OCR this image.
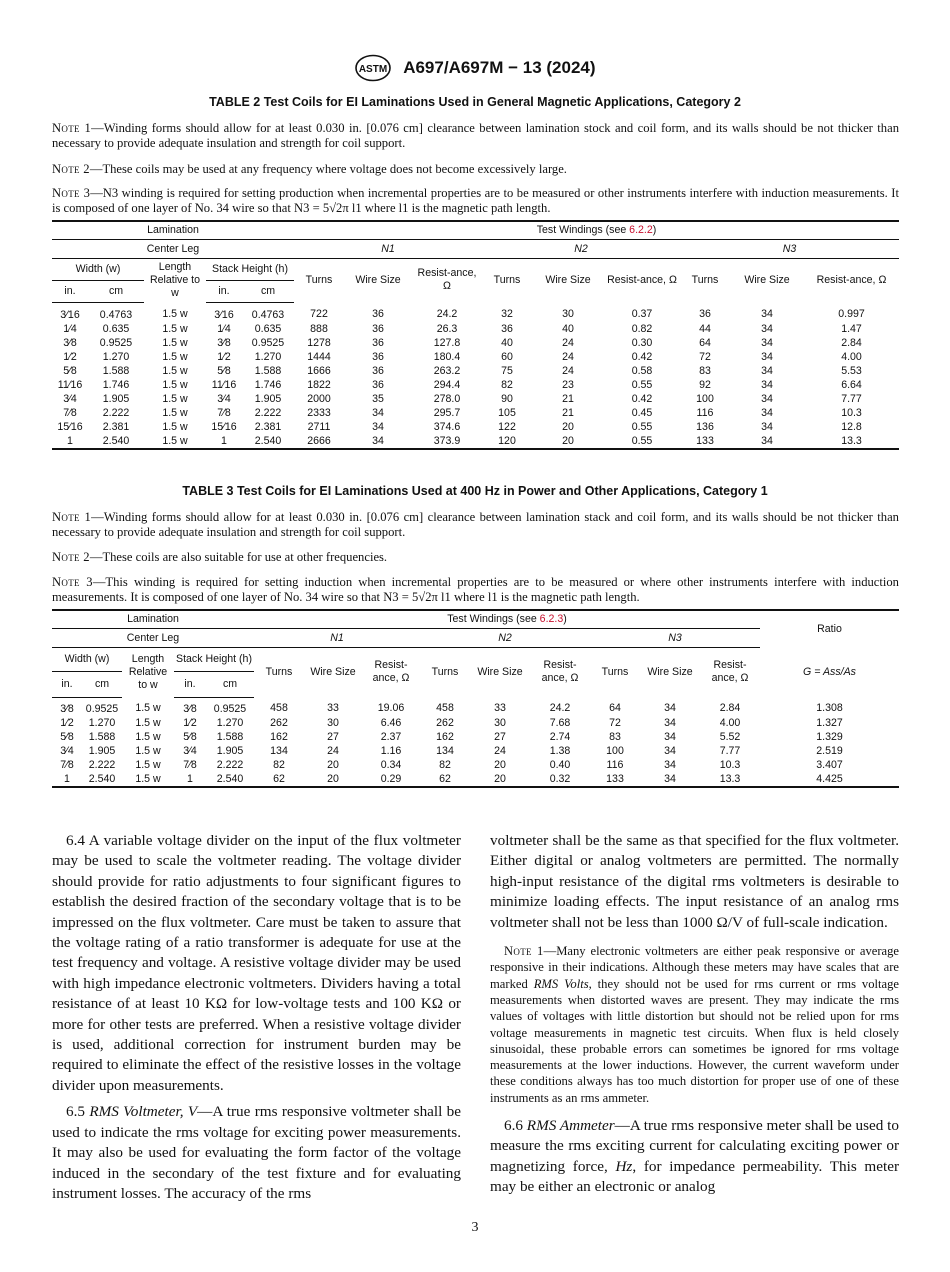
ASTM A697/A697M − 13 (2024)
TABLE 2 Test Coils for EI Laminations Used in General Magnetic Applications, Category 2
Note 1—Winding forms should allow for at least 0.030 in. [0.076 cm] clearance between lamination stock and coil form, and its walls should be not thicker than necessary to provide adequate insulation and strength for coil support.
Note 2—These coils may be used at any frequency where voltage does not become excessively large.
Note 3—N3 winding is required for setting production when incremental properties are to be measured or other instruments interfere with induction measurements. It is composed of one layer of No. 34 wire so that N3 = 5√2π l1 where l1 is the magnetic path length.
Lamination					Test Windings (see 6.2.2)								
Center Leg					N1			N2			N3		
Width (w)		Length Relative to w	Stack Height (h)		Turns	Wire Size	Resist-ance, Ω	Turns	Wire Size	Resist-ance, Ω	Turns	Wire Size	Resist-ance, Ω
in.	cm		in.	cm									
3⁄16	0.4763	1.5 w	3⁄16	0.4763	722	36	24.2	32	30	0.37	36	34	0.997
1⁄4	0.635	1.5 w	1⁄4	0.635	888	36	26.3	36	40	0.82	44	34	1.47
3⁄8	0.9525	1.5 w	3⁄8	0.9525	1278	36	127.8	40	24	0.30	64	34	2.84
1⁄2	1.270	1.5 w	1⁄2	1.270	1444	36	180.4	60	24	0.42	72	34	4.00
5⁄8	1.588	1.5 w	5⁄8	1.588	1666	36	263.2	75	24	0.58	83	34	5.53
11⁄16	1.746	1.5 w	11⁄16	1.746	1822	36	294.4	82	23	0.55	92	34	6.64
3⁄4	1.905	1.5 w	3⁄4	1.905	2000	35	278.0	90	21	0.42	100	34	7.77
7⁄8	2.222	1.5 w	7⁄8	2.222	2333	34	295.7	105	21	0.45	116	34	10.3
15⁄16	2.381	1.5 w	15⁄16	2.381	2711	34	374.6	122	20	0.55	136	34	12.8
1	2.540	1.5 w	1	2.540	2666	34	373.9	120	20	0.55	133	34	13.3
TABLE 3 Test Coils for EI Laminations Used at 400 Hz in Power and Other Applications, Category 1
Note 1—Winding forms should allow for at least 0.030 in. [0.076 cm] clearance between lamination stack and coil form, and its walls should be not thicker than necessary to provide adequate insulation and strength for coil support.
Note 2—These coils are also suitable for use at other frequencies.
Note 3—This winding is required for setting induction when incremental properties are to be measured or where other instruments interfere with induction measurements. It is composed of one layer of No. 34 wire so that N3 = 5√2π l1 where l1 is the magnetic path length.
Lamination					Test Windings (see 6.2.3)									Ratio
Center Leg					N1			N2			N3			
Width (w)		Length Relative to w	Stack Height (h)		Turns	Wire Size	Resist-ance, Ω	Turns	Wire Size	Resist-ance, Ω	Turns	Wire Size	Resist-ance, Ω	G = Ass/As
in.	cm		in.	cm										
3⁄8	0.9525	1.5 w	3⁄8	0.9525	458	33	19.06	458	33	24.2	64	34	2.84	1.308
1⁄2	1.270	1.5 w	1⁄2	1.270	262	30	6.46	262	30	7.68	72	34	4.00	1.327
5⁄8	1.588	1.5 w	5⁄8	1.588	162	27	2.37	162	27	2.74	83	34	5.52	1.329
3⁄4	1.905	1.5 w	3⁄4	1.905	134	24	1.16	134	24	1.38	100	34	7.77	2.519
7⁄8	2.222	1.5 w	7⁄8	2.222	82	20	0.34	82	20	0.40	116	34	10.3	3.407
1	2.540	1.5 w	1	2.540	62	20	0.29	62	20	0.32	133	34	13.3	4.425

6.4 A variable voltage divider on the input of the flux voltmeter may be used to scale the voltmeter reading. The voltage divider should provide for ratio adjustments to four significant figures to establish the desired fraction of the secondary voltage that is to be impressed on the flux voltmeter. Care must be taken to assure that the voltage rating of a ratio transformer is adequate for use at the test frequency and voltage. A resistive voltage divider may be used with high impedance electronic voltmeters. Dividers having a total resistance of at least 10 KΩ for low-voltage tests and 100 KΩ or more for other tests are preferred. When a resistive voltage divider is used, additional correction for instrument burden may be required to eliminate the effect of the resistive losses in the voltage divider upon measurements.

6.5 RMS Voltmeter, V—A true rms responsive voltmeter shall be used to indicate the rms voltage for exciting power measurements. It may also be used for evaluating the form factor of the voltage induced in the secondary of the test fixture and for evaluating instrument losses. The accuracy of the rms

voltmeter shall be the same as that specified for the flux voltmeter. Either digital or analog voltmeters are permitted. The normally high-input resistance of the digital rms voltmeters is desirable to minimize loading effects. The input resistance of an analog rms voltmeter shall not be less than 1000 Ω/V of full-scale indication.

Note 1—Many electronic voltmeters are either peak responsive or average responsive in their indications. Although these meters may have scales that are marked RMS Volts, they should not be used for rms current or rms voltage measurements when distorted waves are present. They may indicate the rms values of voltages with little distortion but should not be relied upon for rms voltage measurements in magnetic test circuits. When flux is held closely sinusoidal, these probable errors can sometimes be ignored for rms voltage measurements at the lower inductions. However, the current waveform under these conditions always has too much distortion for proper use of one of these instruments as an rms ammeter.

6.6 RMS Ammeter—A true rms responsive meter shall be used to measure the rms exciting current for calculating exciting power or magnetizing force, Hz, for impedance permeability. This meter may be either an electronic or analog

3
